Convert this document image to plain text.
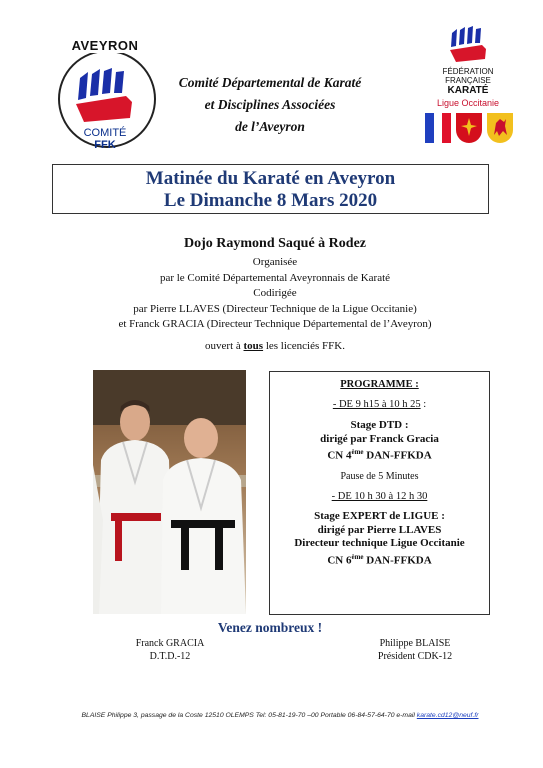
AVEYRON
COMITÉ
FFK
Comité Départemental de Karaté
et Disciplines Associées
de l’Aveyron
FÉDÉRATION
FRANÇAISE
KARATÉ
Ligue Occitanie
Matinée du Karaté en Aveyron
Le Dimanche 8 Mars 2020
Dojo Raymond Saqué à Rodez
Organisée
par le Comité Départemental Aveyronnais de Karaté
Codirigée
par Pierre LLAVES (Directeur Technique de la Ligue Occitanie)
et Franck GRACIA (Directeur Technique Départemental de l’Aveyron)
ouvert à tous les licenciés FFK.
PROGRAMME :
- DE 9 h15 à 10 h 25 :
Stage DTD :
dirigé par Franck Gracia
CN 4ème DAN-FFKDA
Pause de 5 Minutes
- DE 10 h 30 à 12 h 30
Stage EXPERT de LIGUE :
dirigé par Pierre LLAVES
Directeur technique Ligue Occitanie
CN 6ème DAN-FFKDA
Venez nombreux !
Franck GRACIA
D.T.D.-12
Philippe BLAISE
Président CDK-12
BLAISE Philippe 3, passage de la Coste 12510 OLEMPS Tel: 05-81-19-70 –00 Portable 06-84-57-64-70 e-mail karate.cd12@neuf.fr
